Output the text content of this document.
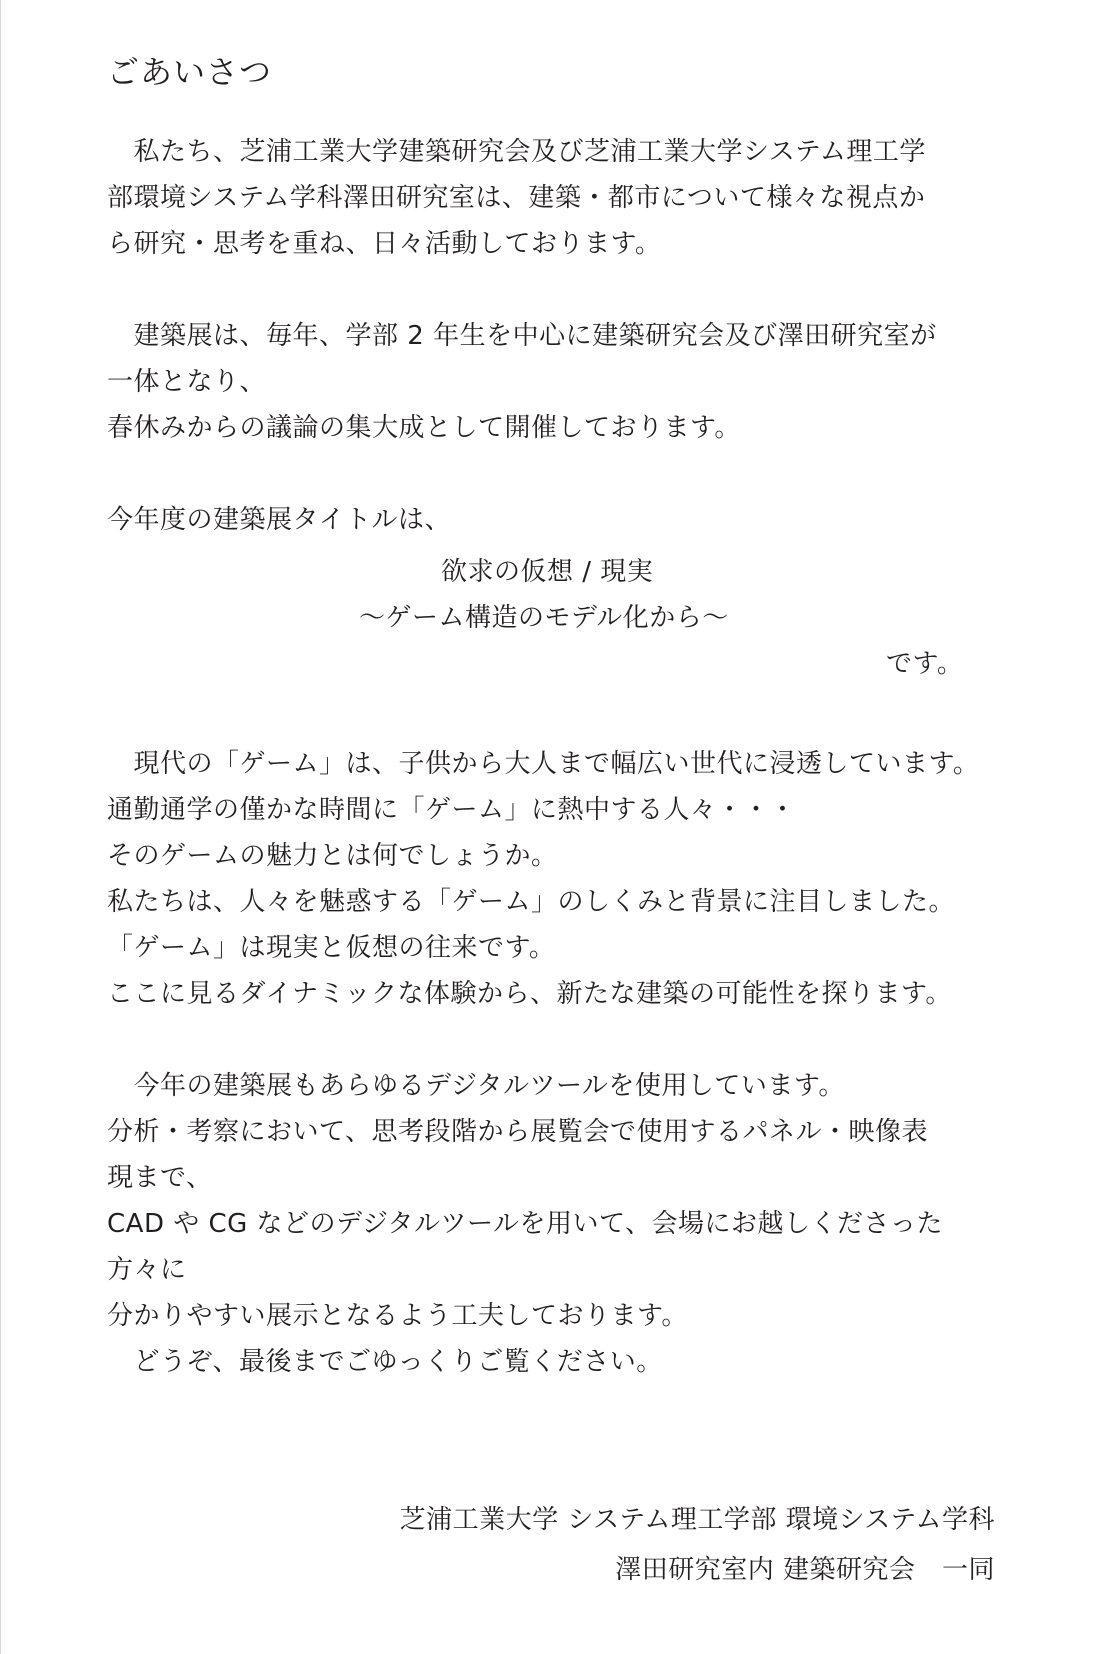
ごあいさつ
　私たち、芝浦工業大学建築研究会及び芝浦工業大学システム理工学
部環境システム学科澤田研究室は、建築・都市について様々な視点か
ら研究・思考を重ね、日々活動しております。
　建築展は、毎年、学部 2 年生を中心に建築研究会及び澤田研究室が
一体となり、
春休みからの議論の集大成として開催しております。
今年度の建築展タイトルは、
欲求の仮想 / 現実
～ゲーム構造のモデル化から～
です。
　現代の「ゲーム」は、子供から大人まで幅広い世代に浸透しています。
通勤通学の僅かな時間に「ゲーム」に熱中する人々・・・
そのゲームの魅力とは何でしょうか。
私たちは、人々を魅惑する「ゲーム」のしくみと背景に注目しました。
「ゲーム」は現実と仮想の往来です。
ここに見るダイナミックな体験から、新たな建築の可能性を探ります。
　今年の建築展もあらゆるデジタルツールを使用しています。
分析・考察において、思考段階から展覧会で使用するパネル・映像表
現まで、
CAD や CG などのデジタルツールを用いて、会場にお越しくださった
方々に
分かりやすい展示となるよう工夫しております。
　どうぞ、最後までごゆっくりご覧ください。
芝浦工業大学 システム理工学部 環境システム学科
澤田研究室内 建築研究会　一同
